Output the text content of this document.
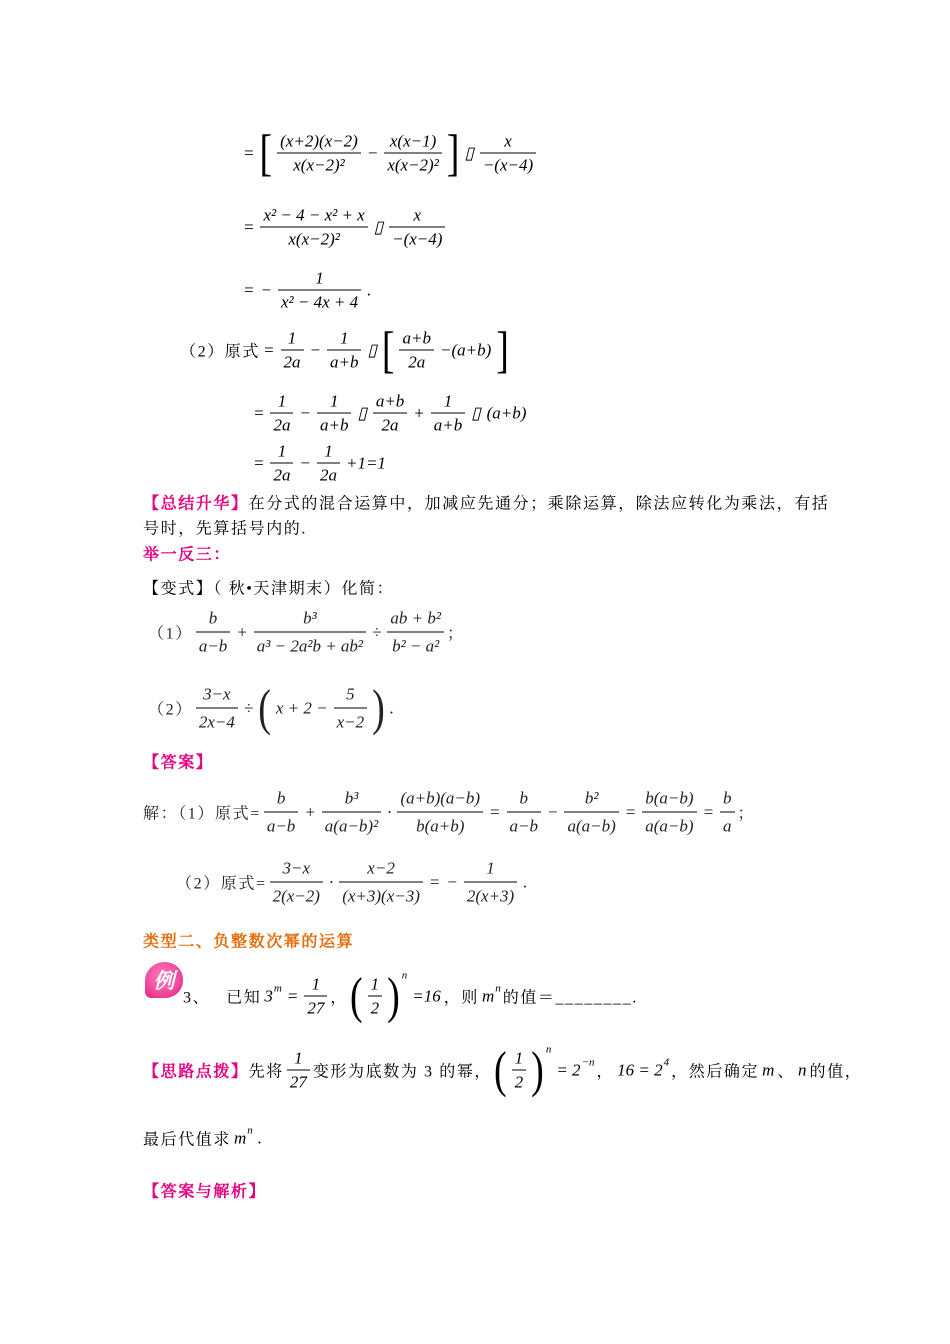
= [ $\frac{(x+2)(x-2)}{\text{x(x−2)²}} - \frac{x(x-1)}{\text{x(x−2)²}}$ ] ▯ $\frac{x}{-(x-4)}$
= $\frac{\text{x² − 4 − x² + x}}{\text{x(x−2)²}}$ ▯ $\frac{x}{-(x-4)}$
= − $\frac{1}{\text{x² − 4x + 4}}$ .
（2）原式 = $\frac{1}{2a} - \frac{1}{a+b}$ ▯ [ $\frac{a+b}{2a} -(a+b)$ ]
= $\frac{1}{2a} - \frac{1}{a+b}$ ▯ $\frac{a+b}{2a} + \frac{1}{a+b}$ ▯ (a+b)
= $\frac{1}{2a} - \frac{1}{2a} +1=1$
【总结升华】 在分式的混合运算中，加减应先通分；乘除运算，除法应转化为乘法，有括
号时，先算括号内的.
举一反三：
【变式】（ 秋•天津期末）化简：
$(1) \frac{b}{a-b} + \frac{\text{b³}}{\text{a³ − 2a²b + ab²}} \div \frac{\text{ab + b²}}{\text{b² − a²}}$ ；
$(2) \frac{3-x}{2x-4}$ ÷ ( $x + 2 - \frac{5}{x-2}$ ) .
【答案】
解：（1）原式= $\frac{b}{a-b} + \frac{\text{b³}}{\text{a(a−b)²}} \cdot \frac{(a+b)(a-b)}{b(a+b)} = \frac{b}{a-b} - \frac{\text{b²}}{a(a-b)} = \frac{b(a-b)}{a(a-b)} = \frac{b}{a}$ ；
（2）原式= $\frac{3-x}{2(x-2)} \cdot \frac{x-2}{(x+3)(x-3)}$ = − $\frac{1}{2(x+3)}$ .
类型二、负整数次幂的运算
例
3、 已知 3 $m = \frac{1}{27}$ ， ( $\frac{1}{2}$ ) n
=16 ，则 m n
的值＝________.
【思路点拨】 先将 $\frac{1}{27}$ 变形为底数为 3 的幂， ( $\frac{1}{2}$ ) n
= 2 −n
， 16 = 2 4
，然后确定 m 、 n 的值，
最后代值求 m n .
【答案与解析】
